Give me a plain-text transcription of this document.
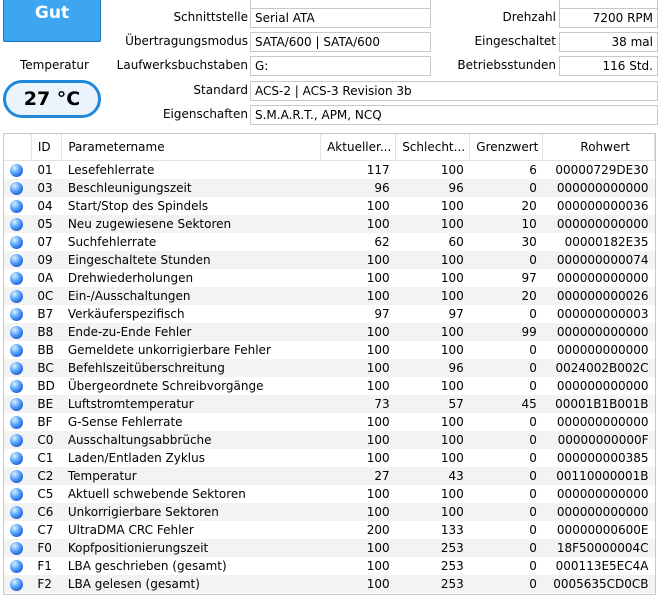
Gut
Temperatur
27 °C
Schnittstelle Serial ATA	Drehzahl	7200 RPM
Übertragungsmodus SATA/600 | SATA/600	Eingeschaltet	38 mal
Laufwerksbuchstaben G:	Betriebsstunden	116 Std.
Standard ACS-2 | ACS-3 Revision 3b
Eigenschaften S.M.A.R.T., APM, NCQ
	ID	Parametername	Aktueller...	Schlecht...	Grenzwert	Rohwert
	01	Lesefehlerrate	117	100	6	00000729DE30
	03	Beschleunigungszeit	96	96	0	000000000000
	04	Start/Stop des Spindels	100	100	20	000000000036
	05	Neu zugewiesene Sektoren	100	100	10	000000000000
	07	Suchfehlerrate	62	60	30	00000182E35
	09	Eingeschaltete Stunden	100	100	0	000000000074
	0A	Drehwiederholungen	100	100	97	000000000000
	0C	Ein-/Ausschaltungen	100	100	20	000000000026
	B7	Verkäuferspezifisch	97	97	0	000000000003
	B8	Ende-zu-Ende Fehler	100	100	99	000000000000
	BB	Gemeldete unkorrigierbare Fehler	100	100	0	000000000000
	BC	Befehlszeitüberschreitung	100	96	0	0024002B002C
	BD	Übergeordnete Schreibvorgänge	100	100	0	000000000000
	BE	Luftstromtemperatur	73	57	45	00001B1B001B
	BF	G-Sense Fehlerrate	100	100	0	000000000000
	C0	Ausschaltungsabbrüche	100	100	0	00000000000F
	C1	Laden/Entladen Zyklus	100	100	0	000000000385
	C2	Temperatur	27	43	0	00110000001B
	C5	Aktuell schwebende Sektoren	100	100	0	000000000000
	C6	Unkorrigierbare Sektoren	100	100	0	000000000000
	C7	UltraDMA CRC Fehler	200	133	0	00000000600E
	F0	Kopfpositionierungszeit	100	253	0	18F50000004C
	F1	LBA geschrieben (gesamt)	100	253	0	000113E5EC4A
	F2	LBA gelesen (gesamt)	100	253	0	0005635CD0CB
